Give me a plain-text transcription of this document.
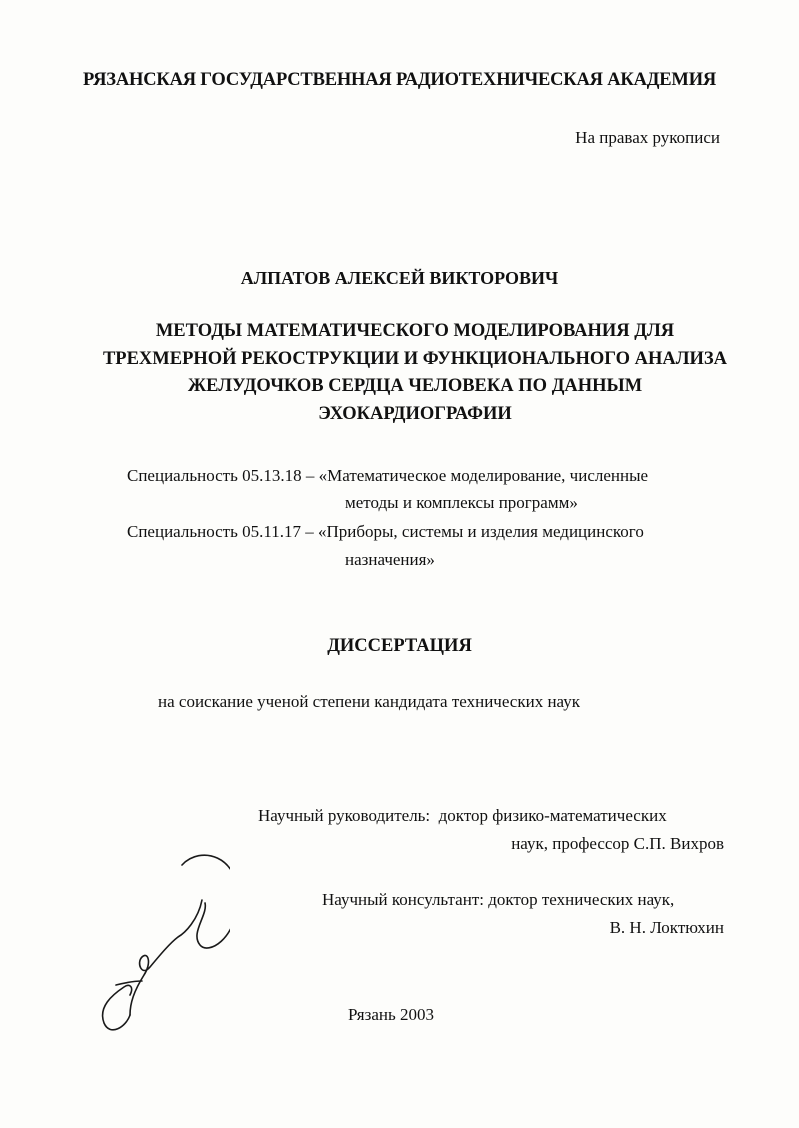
РЯЗАНСКАЯ ГОСУДАРСТВЕННАЯ РАДИОТЕХНИЧЕСКАЯ АКАДЕМИЯ
На правах рукописи
АЛПАТОВ АЛЕКСЕЙ ВИКТОРОВИЧ
МЕТОДЫ МАТЕМАТИЧЕСКОГО МОДЕЛИРОВАНИЯ ДЛЯ
ТРЕХМЕРНОЙ РЕКОСТРУКЦИИ И ФУНКЦИОНАЛЬНОГО АНАЛИЗА
ЖЕЛУДОЧКОВ СЕРДЦА ЧЕЛОВЕКА ПО ДАННЫМ
ЭХОКАРДИОГРАФИИ
Специальность 05.13.18 – «Математическое моделирование, численные
методы и комплексы программ»
Специальность 05.11.17 – «Приборы, системы и изделия медицинского
назначения»
ДИССЕРТАЦИЯ
на соискание ученой степени кандидата технических наук
Научный руководитель:  доктор физико-математических
наук, профессор С.П. Вихров
Научный консультант: доктор технических наук,
В. Н. Локтюхин
Рязань 2003
